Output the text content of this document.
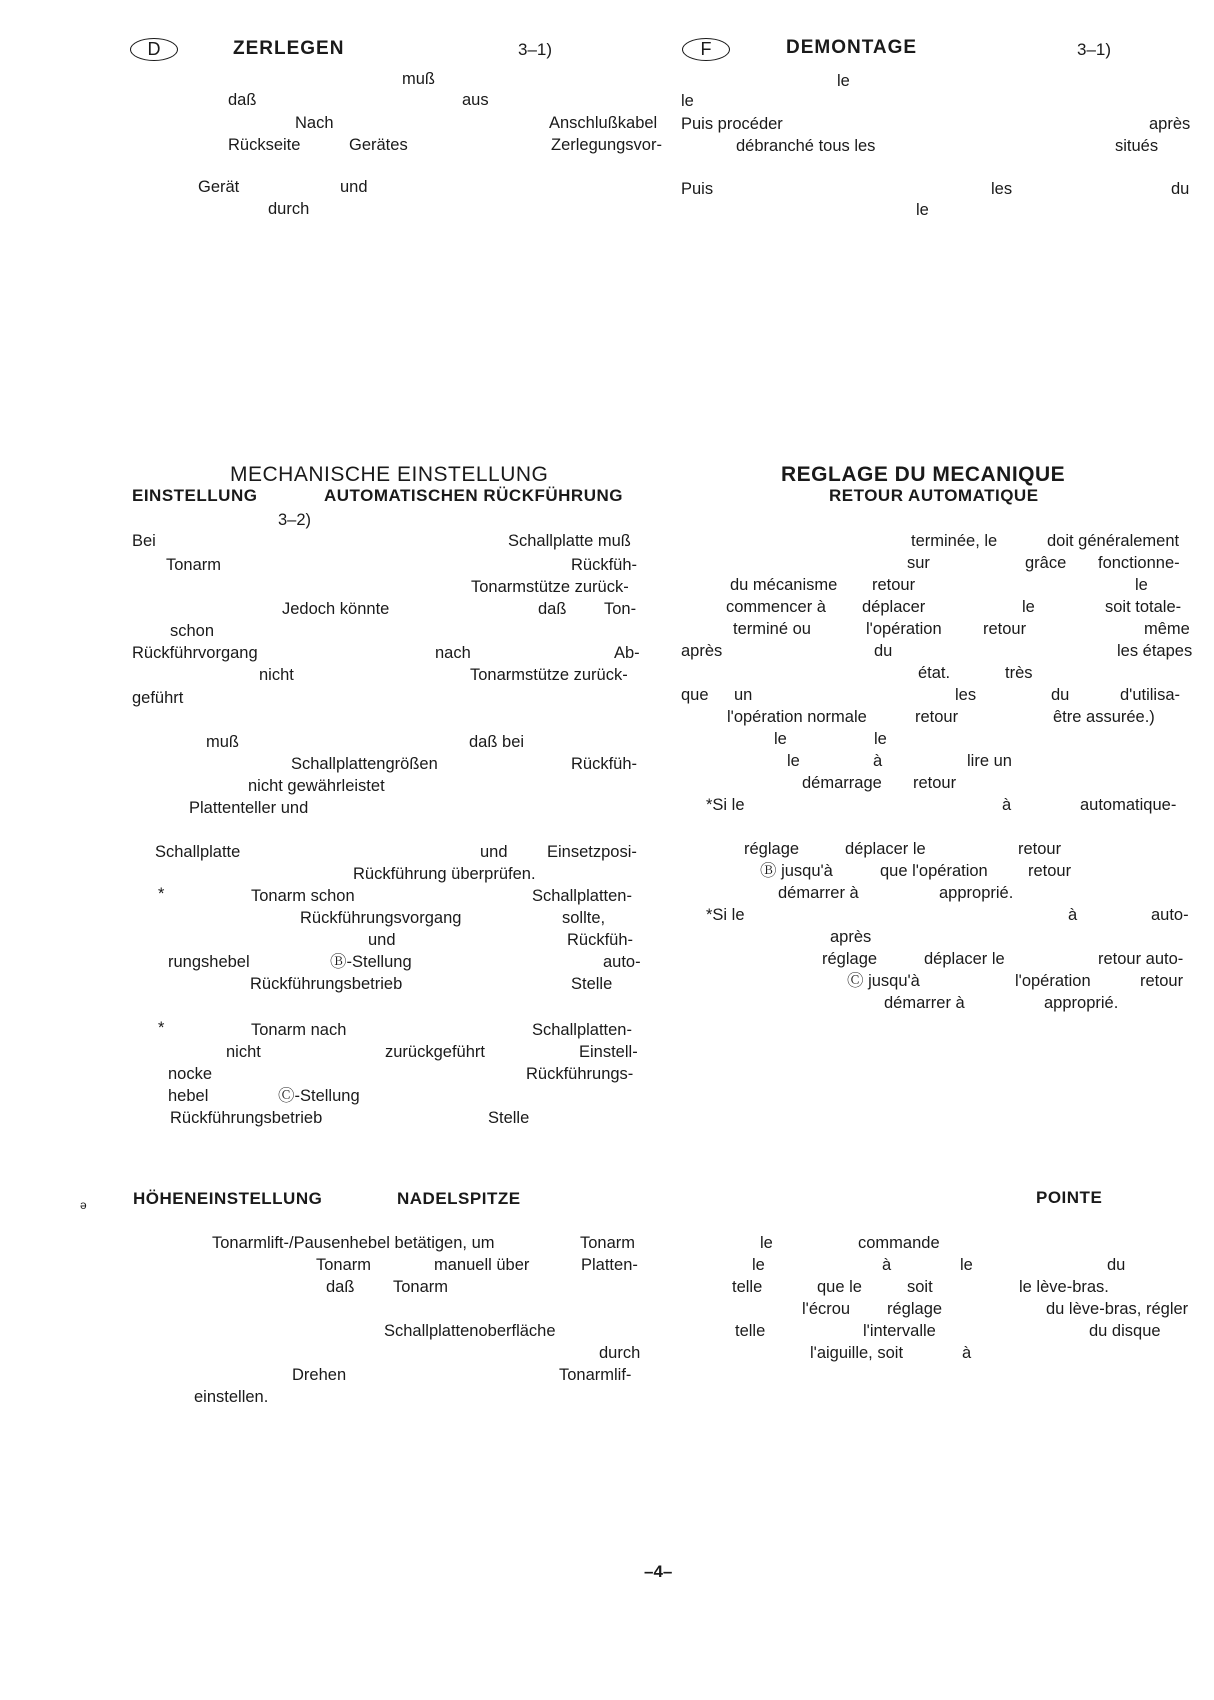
D	ZERLEGEN	3–1)	F	DEMONTAGE	3–1)
muß
daß	aus
Nach	Anschlußkabel
Rückseite	Gerätes	Zerlegungsvor-
Gerät	und
durch
le
le
Puis procéder	après
débranché tous les	situés
Puis	les	du
le
MECHANISCHE EINSTELLUNG
EINSTELLUNG	AUTOMATISCHEN RÜCKFÜHRUNG
3–2)
REGLAGE DU MECANIQUE
RETOUR AUTOMATIQUE
Bei	Schallplatte muß
Tonarm	Rückfüh-
Tonarmstütze zurück-
Jedoch könnte	daß Ton-
schon
Rückführvorgang	nach	Ab-
nicht	Tonarmstütze zurück-
geführt
muß	daß bei
Schallplattengrößen	Rückfüh-
nicht gewährleistet
Plattenteller und
Schallplatte	und Einsetzposi-
Rückführung überprüfen.
*	Tonarm schon	Schallplatten-
Rückführungsvorgang	sollte,
und	Rückfüh-
rungshebel	Ⓑ-Stellung	auto-
Rückführungsbetrieb	Stelle
*	Tonarm nach	Schallplatten-
nicht	zurückgeführt	Einstell-
nocke	Rückführungs-
hebel	Ⓒ-Stellung
Rückführungsbetrieb	Stelle
terminée, le	doit généralement
sur	grâce fonctionne-
du mécanisme retour	le
commencer à déplacer	le	soit totale-
terminé ou	l'opération	retour	même
après	du	les étapes
état.	très
que un	les	du	d'utilisa-
l'opération normale	retour	être assurée.)
le	le
le	à	lire un
démarrage retour
*Si le	à	automatique-
réglage	déplacer le	retour
Ⓑ jusqu'à	que l'opération retour
démarrer à	approprié.
*Si le	à	auto-
après
réglage	déplacer le	retour auto-
Ⓒ jusqu'à	l'opération	retour
démarrer à	approprié.
ǝ	HÖHENEINSTELLUNG	NADELSPITZE	POINTE
Tonarmlift-/Pausenhebel betätigen, um	Tonarm
Tonarm	manuell über	Platten-
daß Tonarm
Schallplattenoberfläche
durch
Drehen	Tonarmlif-
einstellen.
le	commande
le	à	le	du
telle	que le	soit	le lève-bras.
l'écrou réglage	du lève-bras, régler
telle	l'intervalle	du disque
l'aiguille, soit	à
–4–
